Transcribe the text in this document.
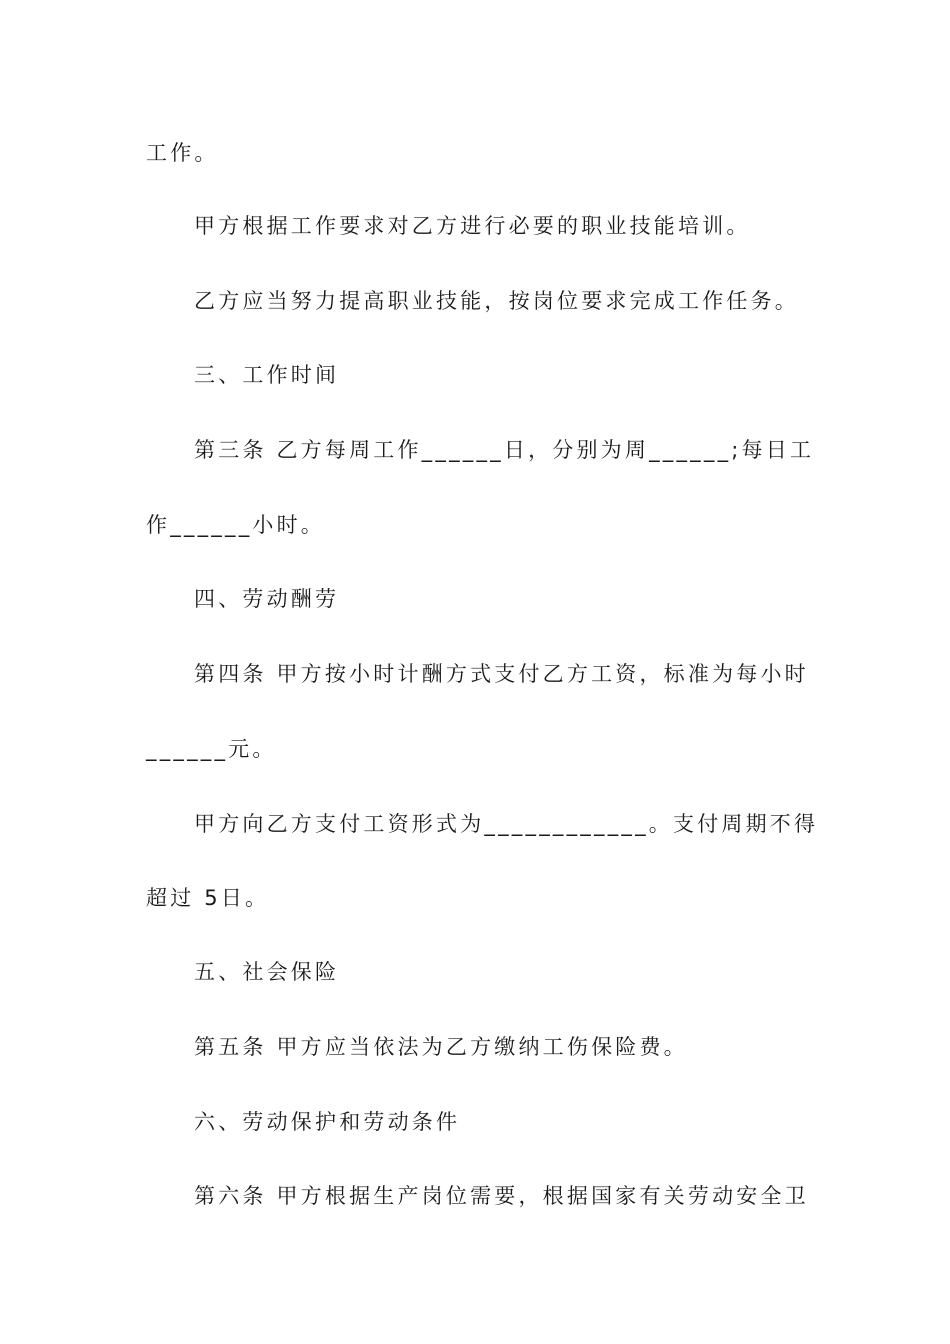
工作。
甲方根据工作要求对乙方进行必要的职业技能培训。
乙方应当努力提高职业技能，按岗位要求完成工作任务。
三、工作时间
第三条 乙方每周工作______日，分别为周______;每日工
作______小时。
四、劳动酬劳
第四条 甲方按小时计酬方式支付乙方工资，标准为每小时
______元。
甲方向乙方支付工资形式为____________。支付周期不得
超过 5日。
五、社会保险
第五条 甲方应当依法为乙方缴纳工伤保险费。
六、劳动保护和劳动条件
第六条 甲方根据生产岗位需要，根据国家有关劳动安全卫
